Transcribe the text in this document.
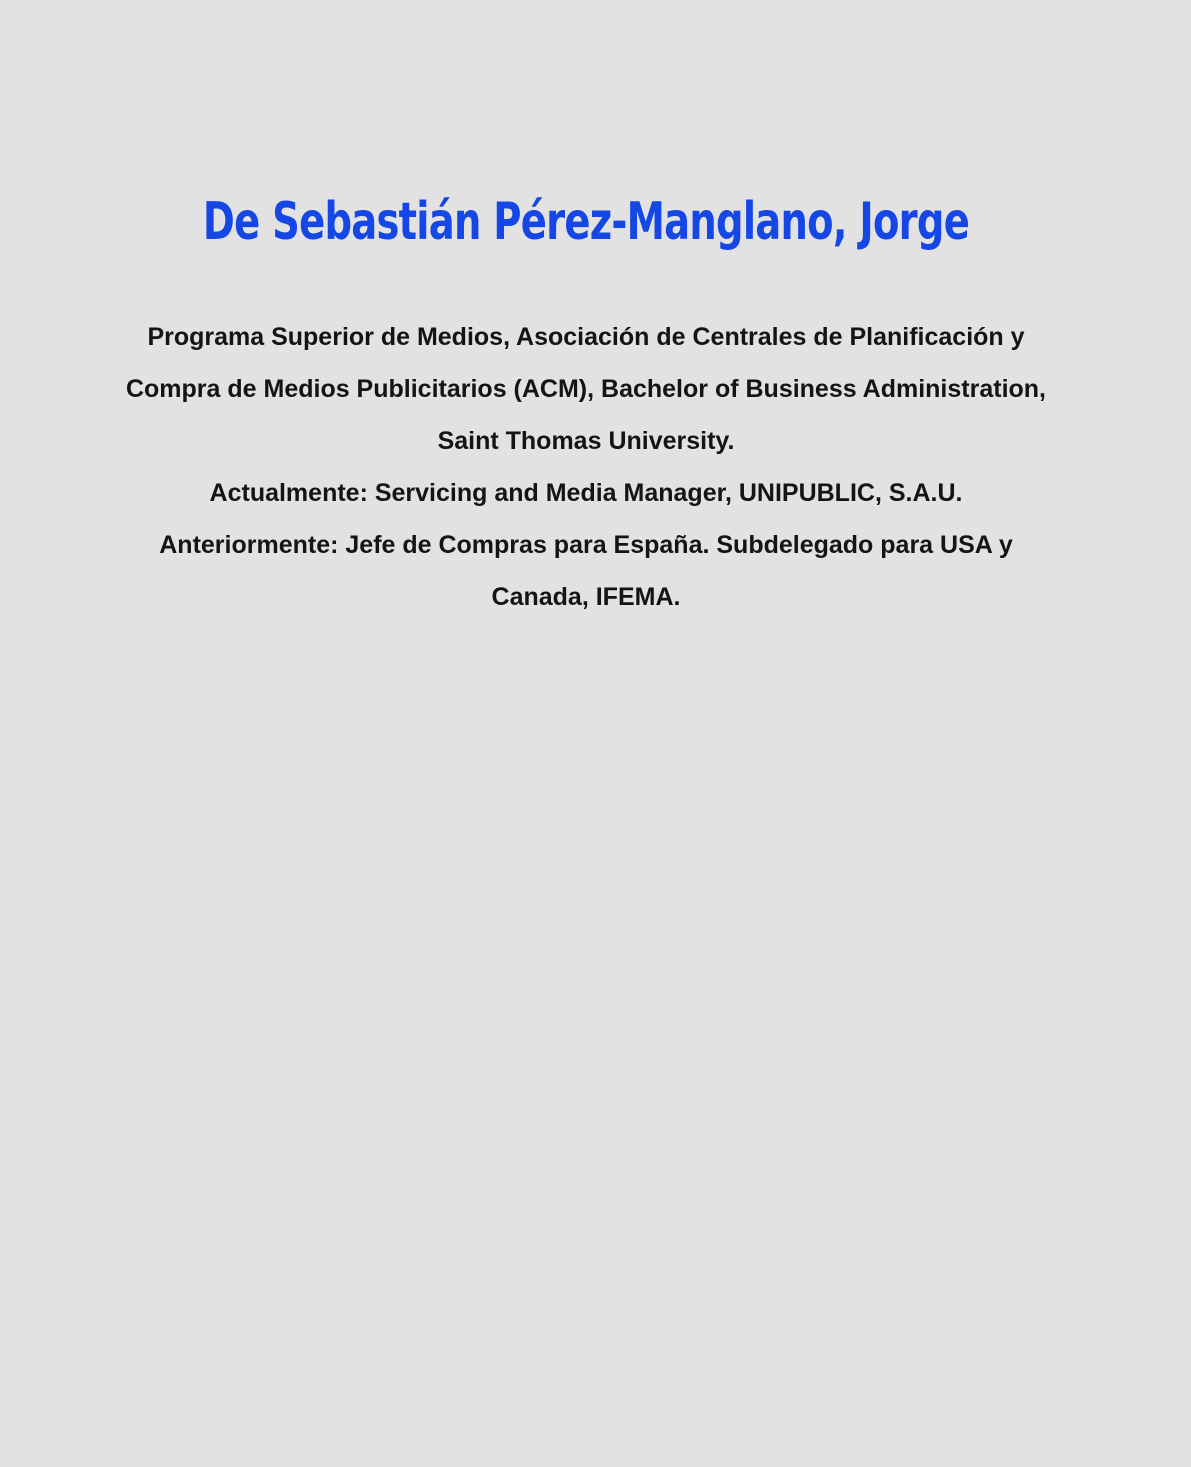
De Sebastián Pérez-Manglano, Jorge
Programa Superior de Medios, Asociación de Centrales de Planificación y
Compra de Medios Publicitarios (ACM), Bachelor of Business Administration,
Saint Thomas University.
Actualmente: Servicing and Media Manager, UNIPUBLIC, S.A.U.
Anteriormente: Jefe de Compras para España. Subdelegado para USA y
Canada, IFEMA.
